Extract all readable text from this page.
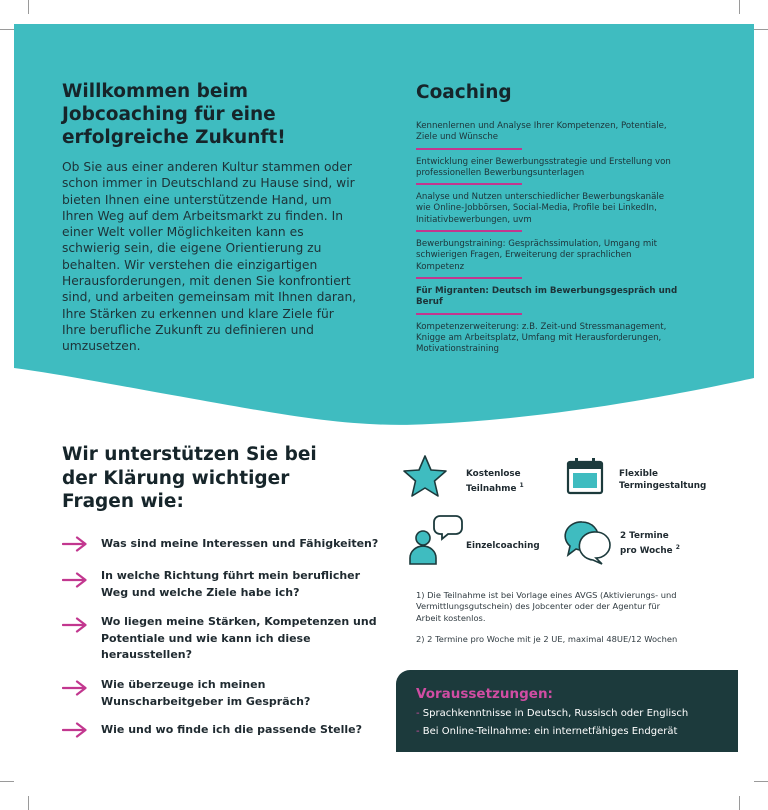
Willkommen beim
Jobcoaching für eine
erfolgreiche Zukunft!

Ob Sie aus einer anderen Kultur stammen oder
schon immer in Deutschland zu Hause sind, wir
bieten Ihnen eine unterstützende Hand, um
Ihren Weg auf dem Arbeitsmarkt zu finden. In
einer Welt voller Möglichkeiten kann es
schwierig sein, die eigene Orientierung zu
behalten. Wir verstehen die einzigartigen
Herausforderungen, mit denen Sie konfrontiert
sind, und arbeiten gemeinsam mit Ihnen daran,
Ihre Stärken zu erkennen und klare Ziele für
Ihre berufliche Zukunft zu definieren und
umzusetzen.

Coaching
Kennenlernen und Analyse Ihrer Kompetenzen, Potentiale,
Ziele und Wünsche
Entwicklung einer Bewerbungsstrategie und Erstellung von
professionellen Bewerbungsunterlagen
Analyse und Nutzen unterschiedlicher Bewerbungskanäle
wie Online-Jobbörsen, Social-Media, Profile bei LinkedIn,
Initiativbewerbungen, uvm
Bewerbungstraining: Gesprächssimulation, Umgang mit
schwierigen Fragen, Erweiterung der sprachlichen
Kompetenz
Für Migranten: Deutsch im Bewerbungsgespräch und
Beruf
Kompetenzerweiterung: z.B. Zeit-und Stressmanagement,
Knigge am Arbeitsplatz, Umfang mit Herausforderungen,
Motivationstraining
Wir unterstützen Sie bei
der Klärung wichtiger
Fragen wie:
Was sind meine Interessen und Fähigkeiten?
In welche Richtung führt mein beruflicher
Weg und welche Ziele habe ich?
Wo liegen meine Stärken, Kompetenzen und
Potentiale und wie kann ich diese
herausstellen?
Wie überzeuge ich meinen
Wunscharbeitgeber im Gespräch?
Wie und wo finde ich die passende Stelle?
Kostenlose
Teilnahme $^1$
Flexible
Termingestaltung
Einzelcoaching
2 Termine
pro Woche $^2$

1) Die Teilnahme ist bei Vorlage eines AVGS (Aktivierungs- und
Vermittlungsgutschein) des Jobcenter oder der Agentur für
Arbeit kostenlos.

2) 2 Termine pro Woche mit je 2 UE, maximal 48UE/12 Wochen

Voraussetzungen:
- Sprachkenntnisse in Deutsch, Russisch oder Englisch
- Bei Online-Teilnahme: ein internetfähiges Endgerät
